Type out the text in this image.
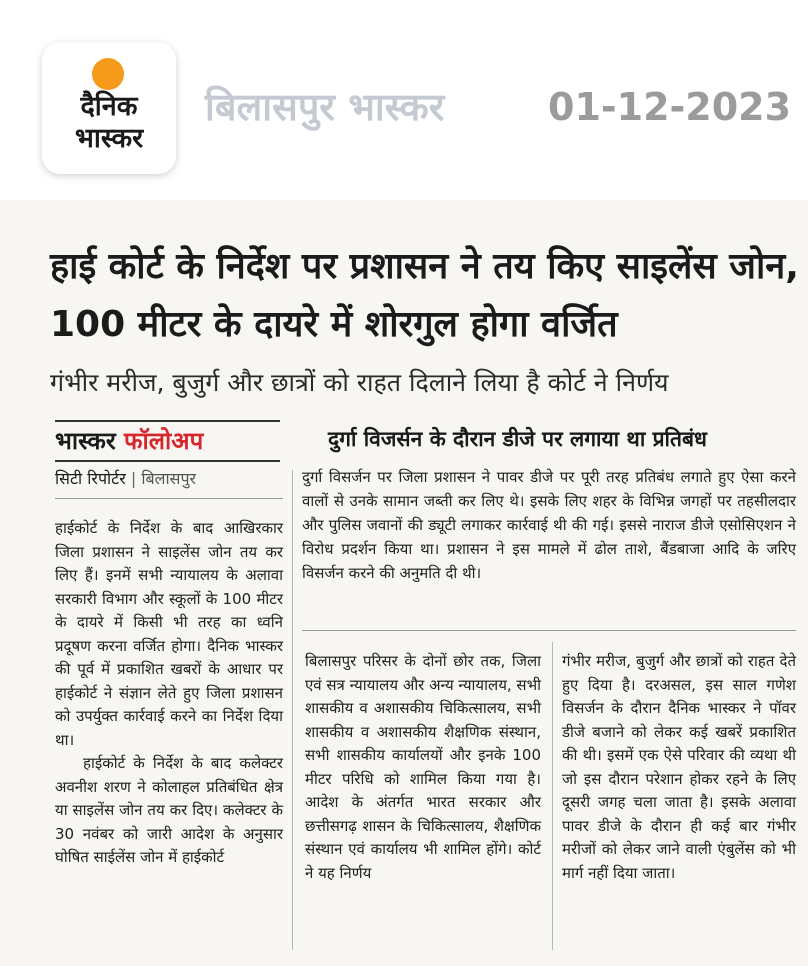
दैनिक
भास्कर
बिलासपुर भास्कर	01-12-2023
हाई कोर्ट के निर्देश पर प्रशासन ने तय किए साइलेंस जोन, 100 मीटर के दायरे में शोरगुल होगा वर्जित
गंभीर मरीज, बुजुर्ग और छात्रों को राहत दिलाने लिया है कोर्ट ने निर्णय
भास्कर फॉलोअप	दुर्गा विजर्सन के दौरान डीजे पर लगाया था प्रतिबंध
सिटी रिपोर्टर | बिलासपुर	दुर्गा विसर्जन पर जिला प्रशासन ने पावर डीजे पर पूरी तरह प्रतिबंध लगाते हुए ऐसा करने वालों से उनके सामान जब्ती कर लिए थे। इसके लिए शहर के विभिन्न जगहों पर तहसीलदार और पुलिस जवानों की ड्यूटी लगाकर कार्रवाई थी की गई। इससे नाराज डीजे एसोसिएशन ने विरोध प्रदर्शन किया था। प्रशासन ने इस मामले में ढोल ताशे, बैंडबाजा आदि के जरिए विसर्जन करने की अनुमति दी थी।

हाईकोर्ट के निर्देश के बाद आखिरकार जिला प्रशासन ने साइलेंस जोन तय कर लिए हैं। इनमें सभी न्यायालय के अलावा सरकारी विभाग और स्कूलों के 100 मीटर के दायरे में किसी भी तरह का ध्वनि प्रदूषण करना वर्जित होगा। दैनिक भास्कर की पूर्व में प्रकाशित खबरों के आधार पर हाईकोर्ट ने संज्ञान लेते हुए जिला प्रशासन को उपर्युक्त कार्रवाई करने का निर्देश दिया था।

हाईकोर्ट के निर्देश के बाद कलेक्टर अवनीश शरण ने कोलाहल प्रतिबंधित क्षेत्र या साइलेंस जोन तय कर दिए। कलेक्टर के 30 नवंबर को जारी आदेश के अनुसार घोषित साईलेंस जोन में हाईकोर्ट

बिलासपुर परिसर के दोनों छोर तक, जिला एवं सत्र न्यायालय और अन्य न्यायालय, सभी शासकीय व अशासकीय चिकित्सालय, सभी शासकीय व अशासकीय शैक्षणिक संस्थान, सभी शासकीय कार्यालयों और इनके 100 मीटर परिधि को शामिल किया गया है। आदेश के अंतर्गत भारत सरकार और छत्तीसगढ़ शासन के चिकित्सालय, शैक्षणिक संस्थान एवं कार्यालय भी शामिल होंगे। कोर्ट ने यह निर्णय

गंभीर मरीज, बुजुर्ग और छात्रों को राहत देते हुए दिया है। दरअसल, इस साल गणेश विसर्जन के दौरान दैनिक भास्कर ने पॉवर डीजे बजाने को लेकर कई खबरें प्रकाशित की थी। इसमें एक ऐसे परिवार की व्यथा थी जो इस दौरान परेशान होकर रहने के लिए दूसरी जगह चला जाता है। इसके अलावा पावर डीजे के दौरान ही कई बार गंभीर मरीजों को लेकर जाने वाली एंबुलेंस को भी मार्ग नहीं दिया जाता।
